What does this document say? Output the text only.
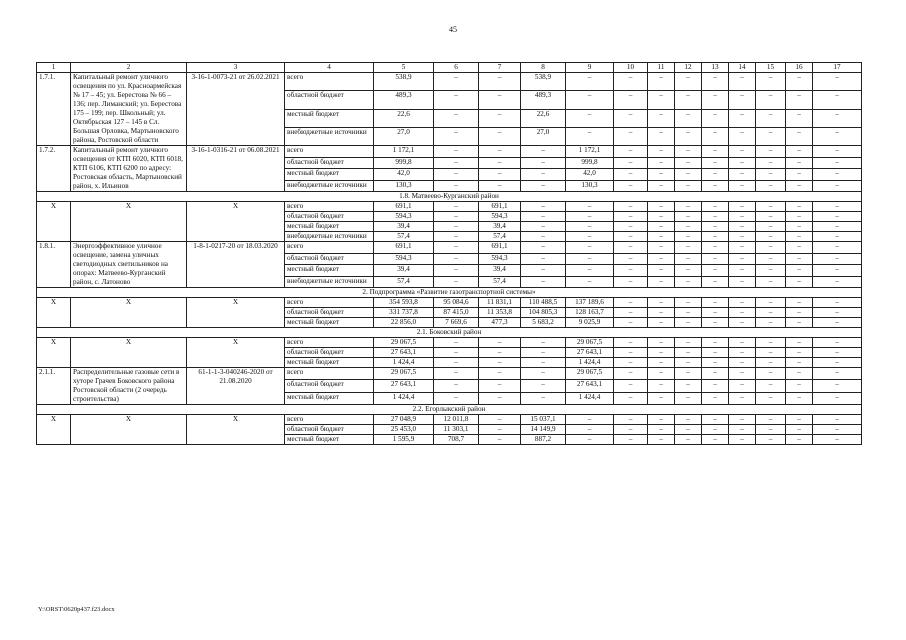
45
1	2	3	4	5	6	7	8	9	10	11	12	13	14	15	16	17
1.7.1.	Капитальный ремонт уличного освещения по ул. Красноармейская № 17 – 45; ул. Берестова № 66 – 136; пер. Лиманский; ул. Берестова 175 – 199; пер. Школьный; ул. Октябрьская 127 – 145 в Сл. Большая Орловка, Мартыновского района, Ростовской области	3-16-1-0073-21 от 26.02.2021	всего	538,9	–	–	538,9	–	–	–	–	–	–	–	–	–
			областной бюджет	489,3	–	–	489,3	–	–	–	–	–	–	–	–	–
			местный бюджет	22,6	–	–	22,6	–	–	–	–	–	–	–	–	–
			внебюджетные источники	27,0	–	–	27,0	–	–	–	–	–	–	–	–	–
1.7.2.	Капитальный ремонт уличного освещения от КТП 6020, КТП 6018, КТП 6106, КТП 6200 по адресу: Ростовская область, Мартыновский район, х. Ильинов	3-16-1-0316-21 от 06.08.2021	всего	1 172,1	–	–	–	1 172,1	–	–	–	–	–	–	–	–
			областной бюджет	999,8	–	–	–	999,8	–	–	–	–	–	–	–	–
			местный бюджет	42,0	–	–	–	42,0	–	–	–	–	–	–	–	–
			внебюджетные источники	130,3	–	–	–	130,3	–	–	–	–	–	–	–	–
1.8. Матвеево-Курганский район																
Х	Х	Х	всего	691,1	–	691,1	–	–	–	–	–	–	–	–	–	–
			областной бюджет	594,3	–	594,3	–	–	–	–	–	–	–	–	–	–
			местный бюджет	39,4	–	39,4	–	–	–	–	–	–	–	–	–	–
			внебюджетные источники	57,4	–	57,4	–	–	–	–	–	–	–	–	–	–
1.8.1.	Энергоэффективное уличное освещение, замена уличных светодиодных светильников на опорах: Матвеево-Курганский район, с. Латоново	1-8-1-0217-20 от 18.03.2020	всего	691,1	–	691,1	–	–	–	–	–	–	–	–	–	–
			областной бюджет	594,3	–	594,3	–	–	–	–	–	–	–	–	–	–
			местный бюджет	39,4	–	39,4	–	–	–	–	–	–	–	–	–	–
			внебюджетные источники	57,4	–	57,4	–	–	–	–	–	–	–	–	–	–
2. Подпрограмма «Развитие газотранспортной системы»																
Х	Х	Х	всего	354 593,8	95 084,6	11 831,1	110 488,5	137 189,6	–	–	–	–	–	–	–	–
			областной бюджет	331 737,8	87 415,0	11 353,8	104 805,3	128 163,7	–	–	–	–	–	–	–	–
			местный бюджет	22 856,0	7 669,6	477,3	5 683,2	9 025,9	–	–	–	–	–	–	–	–
2.1. Боковский район																
Х	Х	Х	всего	29 067,5	–	–	–	29 067,5	–	–	–	–	–	–	–	–
			областной бюджет	27 643,1	–	–	–	27 643,1	–	–	–	–	–	–	–	–
			местный бюджет	1 424,4	–	–	–	1 424,4	–	–	–	–	–	–	–	–
2.1.1.	Распределительные газовые сети в хуторе Грачев Боковского района Ростовской области (2 очередь строительства)	61-1-1-3-040246-2020 от 21.08.2020	всего	29 067,5	–	–	–	29 067,5	–	–	–	–	–	–	–	–
			областной бюджет	27 643,1	–	–	–	27 643,1	–	–	–	–	–	–	–	–
			местный бюджет	1 424,4	–	–	–	1 424,4	–	–	–	–	–	–	–	–
2.2. Егорлыкский район																
Х	Х	Х	всего	27 048,9	12 011,8	–	15 037,1	–	–	–	–	–	–	–	–	–
			областной бюджет	25 453,0	11 303,1	–	14 149,9	–	–	–	–	–	–	–	–	–
			местный бюджет	1 595,9	708,7	–	887,2	–	–	–	–	–	–	–	–	–
Y:\ORST\0620p437.f23.docx
